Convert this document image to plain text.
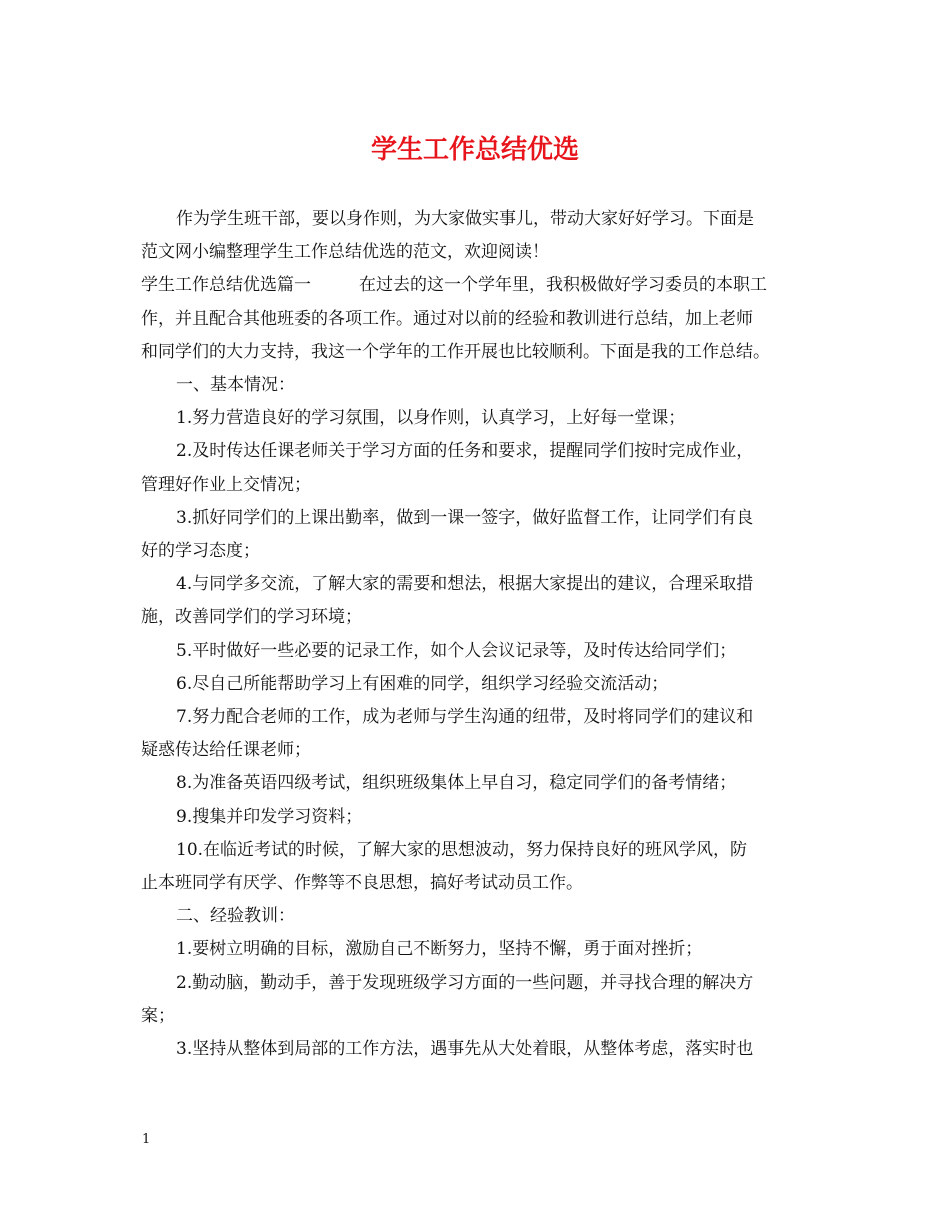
学生工作总结优选

作为学生班干部，要以身作则，为大家做实事儿，带动大家好好学习。下面是

范文网小编整理学生工作总结优选的范文，欢迎阅读！

学生工作总结优选篇一	在过去的这一个学年里，我积极做好学习委员的本职工

作，并且配合其他班委的各项工作。通过对以前的经验和教训进行总结，加上老师

和同学们的大力支持，我这一个学年的工作开展也比较顺利。下面是我的工作总结。

一、基本情况：

1.努力营造良好的学习氛围，以身作则，认真学习，上好每一堂课；

2.及时传达任课老师关于学习方面的任务和要求，提醒同学们按时完成作业，

管理好作业上交情况；

3.抓好同学们的上课出勤率，做到一课一签字，做好监督工作，让同学们有良

好的学习态度；

4.与同学多交流，了解大家的需要和想法，根据大家提出的建议，合理采取措

施，改善同学们的学习环境；

5.平时做好一些必要的记录工作，如个人会议记录等，及时传达给同学们；

6.尽自己所能帮助学习上有困难的同学，组织学习经验交流活动；

7.努力配合老师的工作，成为老师与学生沟通的纽带，及时将同学们的建议和

疑惑传达给任课老师；

8.为准备英语四级考试，组织班级集体上早自习，稳定同学们的备考情绪；

9.搜集并印发学习资料；

10.在临近考试的时候，了解大家的思想波动，努力保持良好的班风学风，防

止本班同学有厌学、作弊等不良思想，搞好考试动员工作。

二、经验教训：

1.要树立明确的目标，激励自己不断努力，坚持不懈，勇于面对挫折；

2.勤动脑，勤动手，善于发现班级学习方面的一些问题，并寻找合理的解决方

案；

3.坚持从整体到局部的工作方法，遇事先从大处着眼，从整体考虑，落实时也

1
